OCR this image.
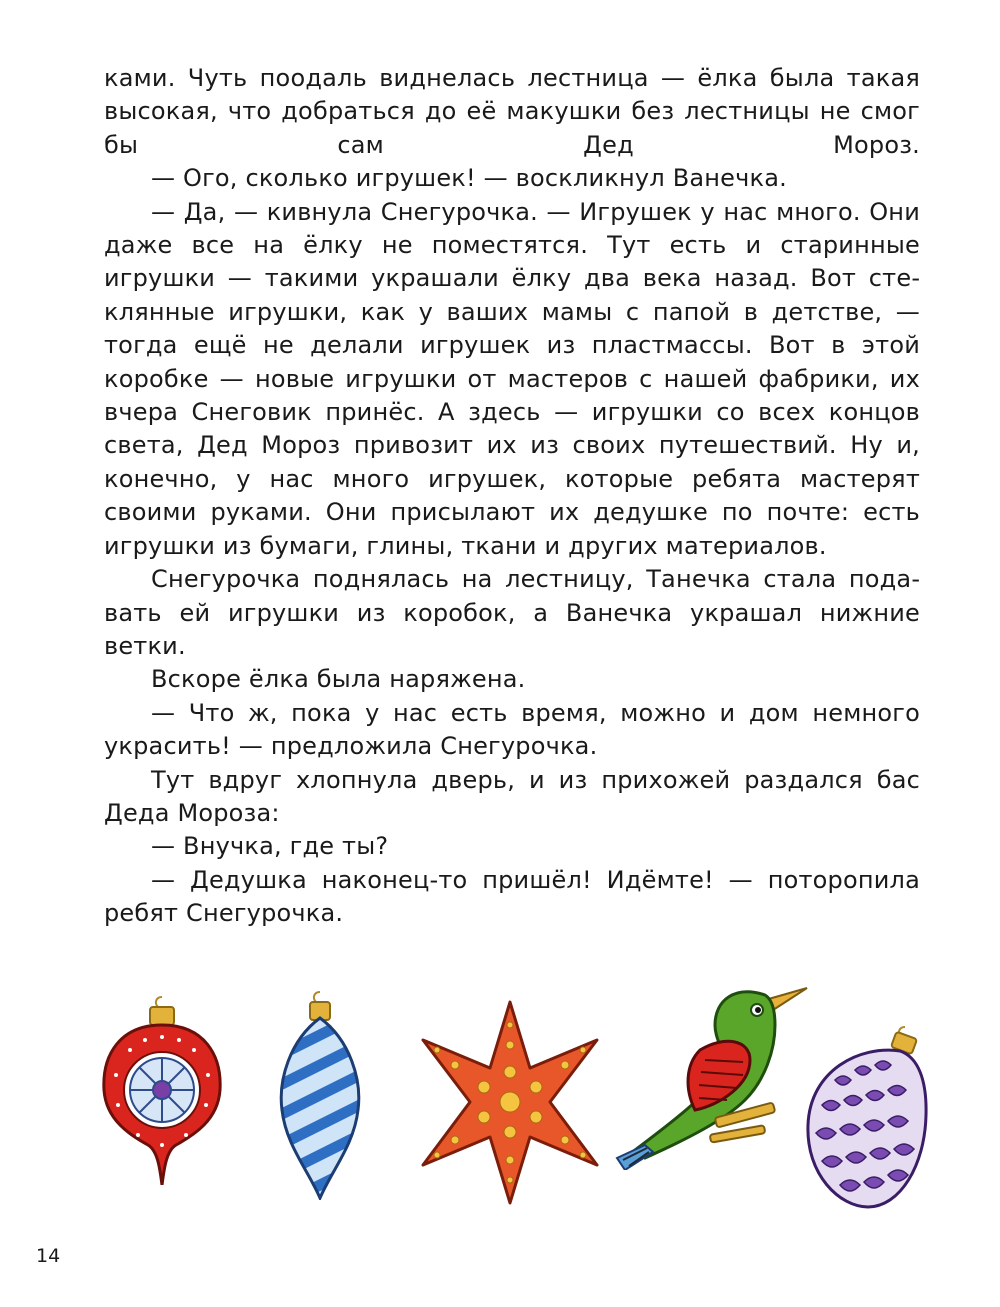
ками. Чуть поодаль виднелась лестница — ёлка была такая высокая, что добраться до её макушки без лестницы не смог бы сам Дед Мороз.

— Ого, сколько игрушек! — воскликнул Ванечка.

— Да, — кивнула Снегурочка. — Игрушек у нас много. Они даже все на ёлку не поместятся. Тут есть и старинные игрушки — такими украшали ёлку два века назад. Вот стеклянные игрушки, как у ваших мамы с папой в детстве, — тогда ещё не делали игрушек из пластмассы. Вот в этой коробке — новые игрушки от мастеров с нашей фабрики, их вчера Снеговик принёс. А здесь — игрушки со всех концов света, Дед Мороз привозит их из своих путешествий. Ну и, конечно, у нас много игрушек, которые ребята мастерят своими руками. Они присылают их дедушке по почте: есть игрушки из бумаги, глины, ткани и других материалов.

Снегурочка поднялась на лестницу, Танечка стала подавать ей игрушки из коробок, а Ванечка украшал нижние ветки.

Вскоре ёлка была наряжена.

— Что ж, пока у нас есть время, можно и дом немного украсить! — предложила Снегурочка.

Тут вдруг хлопнула дверь, и из прихожей раздался бас Деда Мороза:

— Внучка, где ты?

— Дедушка наконец-то пришёл! Идёмте! — поторопила ребят Снегурочка.

14
